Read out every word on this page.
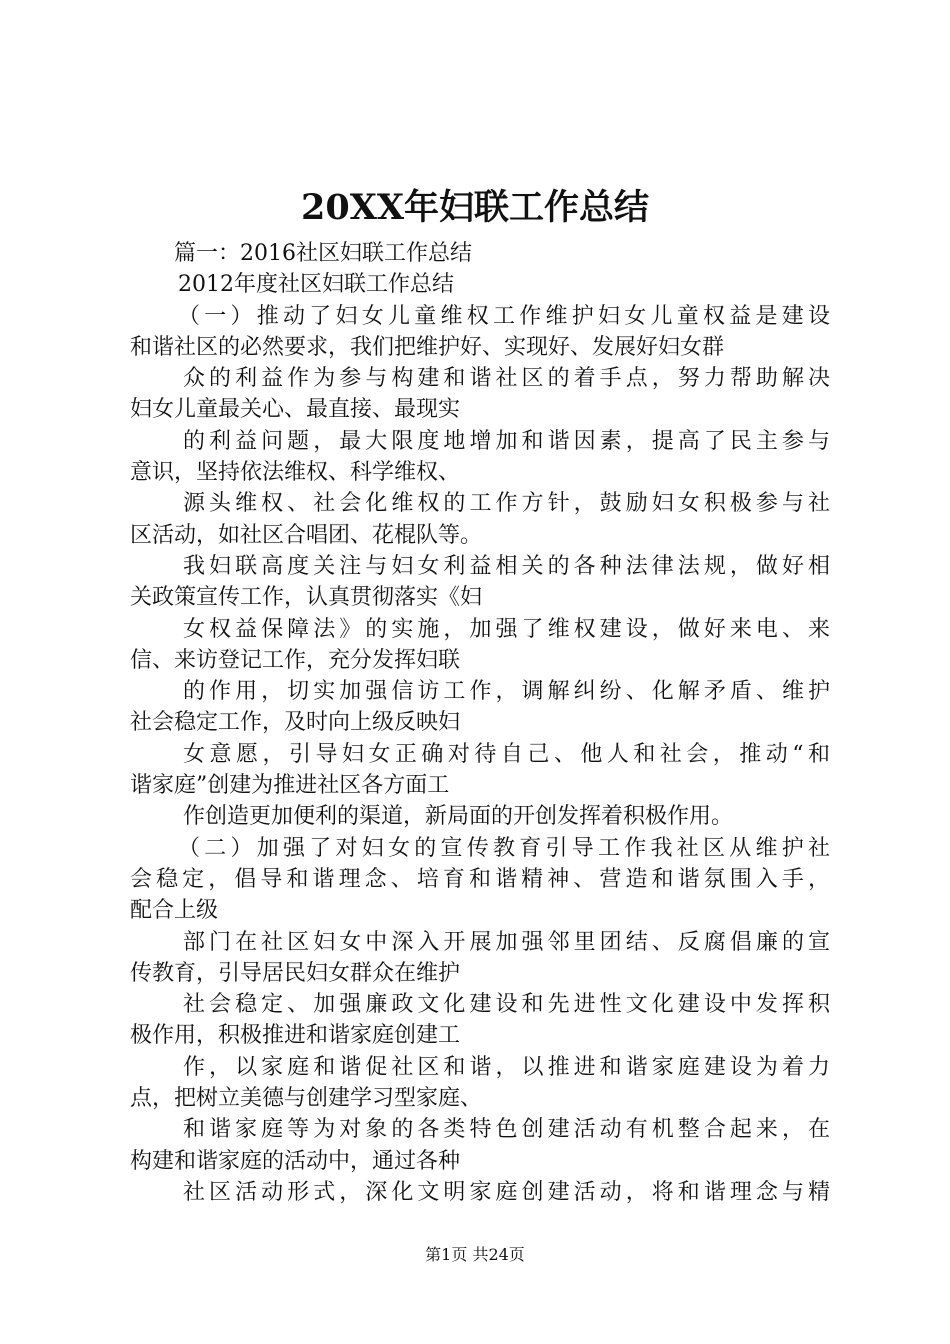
20XX年妇联工作总结
篇一：2016社区妇联工作总结
2012年度社区妇联工作总结
（一）推动了妇女儿童维权工作维护妇女儿童权益是建设
和谐社区的必然要求，我们把维护好、实现好、发展好妇女群
众的利益作为参与构建和谐社区的着手点，努力帮助解决
妇女儿童最关心、最直接、最现实
的利益问题，最大限度地增加和谐因素，提高了民主参与
意识，坚持依法维权、科学维权、
源头维权、社会化维权的工作方针，鼓励妇女积极参与社
区活动，如社区合唱团、花棍队等。
我妇联高度关注与妇女利益相关的各种法律法规，做好相
关政策宣传工作，认真贯彻落实《妇
女权益保障法》的实施，加强了维权建设，做好来电、来
信、来访登记工作，充分发挥妇联
的作用，切实加强信访工作，调解纠纷、化解矛盾、维护
社会稳定工作，及时向上级反映妇
女意愿，引导妇女正确对待自己、他人和社会，推动“和
谐家庭”创建为推进社区各方面工
作创造更加便利的渠道，新局面的开创发挥着积极作用。
（二）加强了对妇女的宣传教育引导工作我社区从维护社
会稳定，倡导和谐理念、培育和谐精神、营造和谐氛围入手，
配合上级
部门在社区妇女中深入开展加强邻里团结、反腐倡廉的宣
传教育，引导居民妇女群众在维护
社会稳定、加强廉政文化建设和先进性文化建设中发挥积
极作用，积极推进和谐家庭创建工
作，以家庭和谐促社区和谐，以推进和谐家庭建设为着力
点，把树立美德与创建学习型家庭、
和谐家庭等为对象的各类特色创建活动有机整合起来，在
构建和谐家庭的活动中，通过各种
社区活动形式，深化文明家庭创建活动，将和谐理念与精
第1页 共24页
